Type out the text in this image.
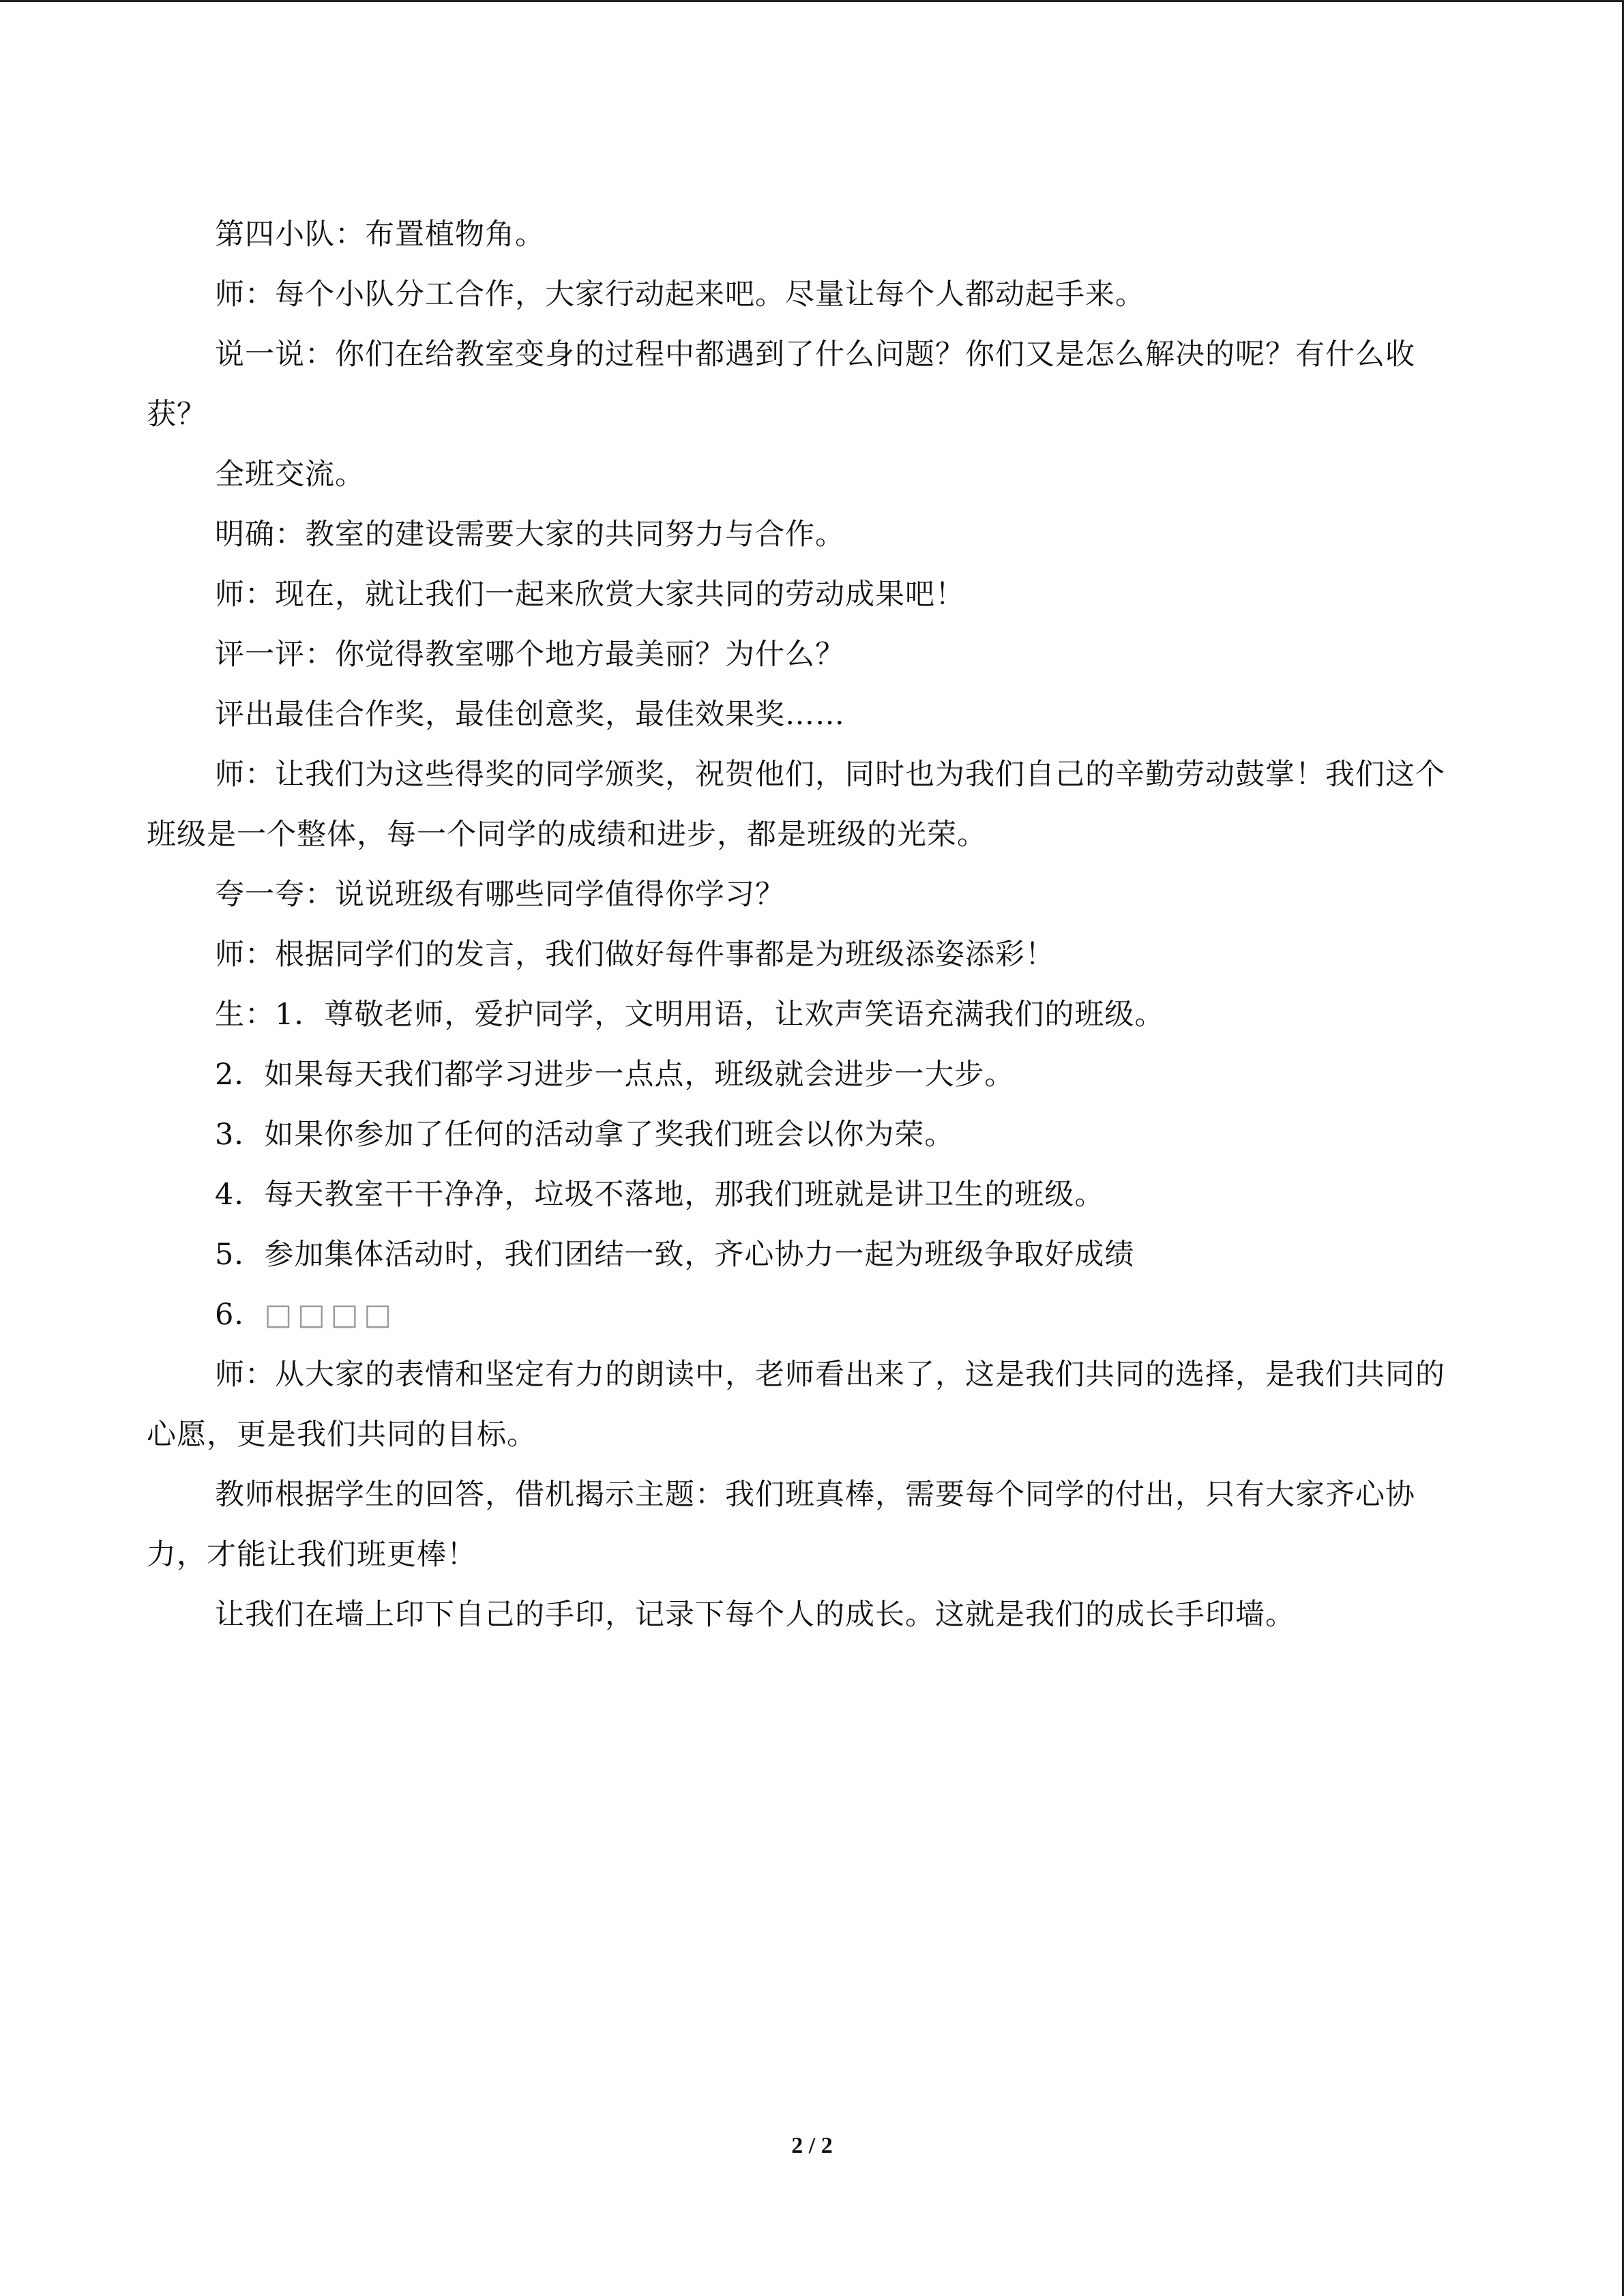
第四小队：布置植物角。

师：每个小队分工合作，大家行动起来吧。尽量让每个人都动起手来。

说一说：你们在给教室变身的过程中都遇到了什么问题？你们又是怎么解决的呢？有什么收获？

全班交流。

明确：教室的建设需要大家的共同努力与合作。

师：现在，就让我们一起来欣赏大家共同的劳动成果吧！

评一评：你觉得教室哪个地方最美丽？为什么？

评出最佳合作奖，最佳创意奖，最佳效果奖……

师：让我们为这些得奖的同学颁奖，祝贺他们，同时也为我们自己的辛勤劳动鼓掌！我们这个班级是一个整体，每一个同学的成绩和进步，都是班级的光荣。

夸一夸：说说班级有哪些同学值得你学习？

师：根据同学们的发言，我们做好每件事都是为班级添姿添彩！

生：1．尊敬老师，爱护同学，文明用语，让欢声笑语充满我们的班级。

2．如果每天我们都学习进步一点点，班级就会进步一大步。

3．如果你参加了任何的活动拿了奖我们班会以你为荣。

4．每天教室干干净净，垃圾不落地，那我们班就是讲卫生的班级。

5．参加集体活动时，我们团结一致，齐心协力一起为班级争取好成绩

6．□□□□

师：从大家的表情和坚定有力的朗读中，老师看出来了，这是我们共同的选择，是我们共同的心愿，更是我们共同的目标。

教师根据学生的回答，借机揭示主题：我们班真棒，需要每个同学的付出，只有大家齐心协力，才能让我们班更棒！

让我们在墙上印下自己的手印，记录下每个人的成长。这就是我们的成长手印墙。

2 / 2
